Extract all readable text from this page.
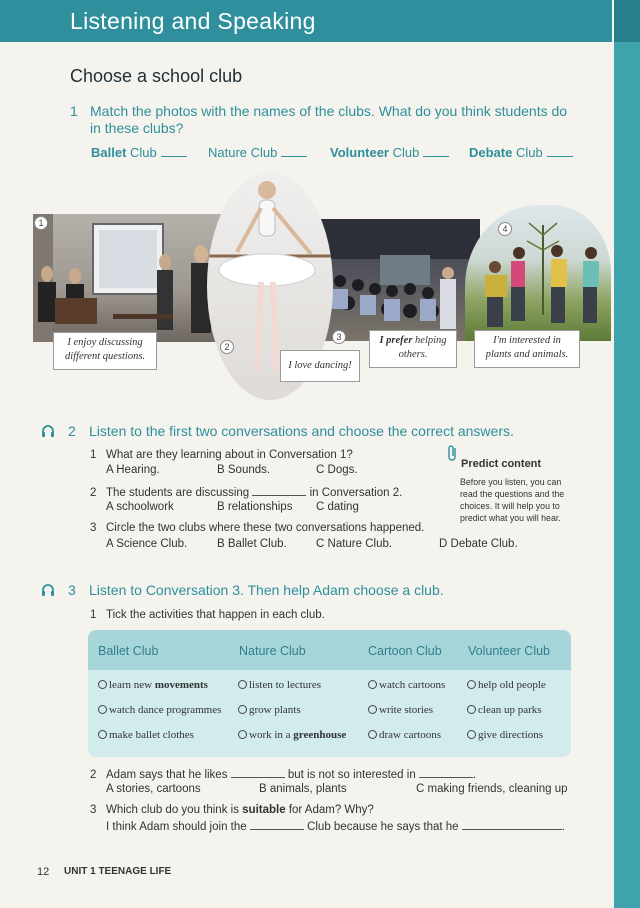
Listening and Speaking
Choose a school club
1 Match the photos with the names of the clubs. What do you think students do
in these clubs?
Ballet Club	Nature Club	Volunteer Club	Debate Club
1
2
3
4
I enjoy discussing
different questions.
I love dancing!
I prefer helping
others.
I'm interested in
plants and animals.
2 Listen to the first two conversations and choose the correct answers.
1 What are they learning about in Conversation 1?
A Hearing.	B Sounds.	C Dogs.
2 The students are discussing	in Conversation 2.
A schoolwork	B relationships C dating
3 Circle the two clubs where these two conversations happened.
A Science Club.	B Ballet Club.	C Nature Club.	D Debate Club.
Predict content
Before you listen, you can
read the questions and the
choices. It will help you to
predict what you will hear.
3 Listen to Conversation 3. Then help Adam choose a club.
1 Tick the activities that happen in each club.
Ballet Club	Nature Club	Cartoon Club Volunteer Club
learn new movements	listen to lectures	watch cartoons	help old people
watch dance programmes	grow plants	write stories	clean up parks
make ballet clothes	work in a greenhouse	draw cartoons	give directions
2 Adam says that he likes	but is not so interested in	.
A stories, cartoons	B animals, plants	C making friends, cleaning up
3 Which club do you think is suitable for Adam? Why?
I think Adam should join the	Club because he says that he	.
12 UNIT 1 TEENAGE LIFE
